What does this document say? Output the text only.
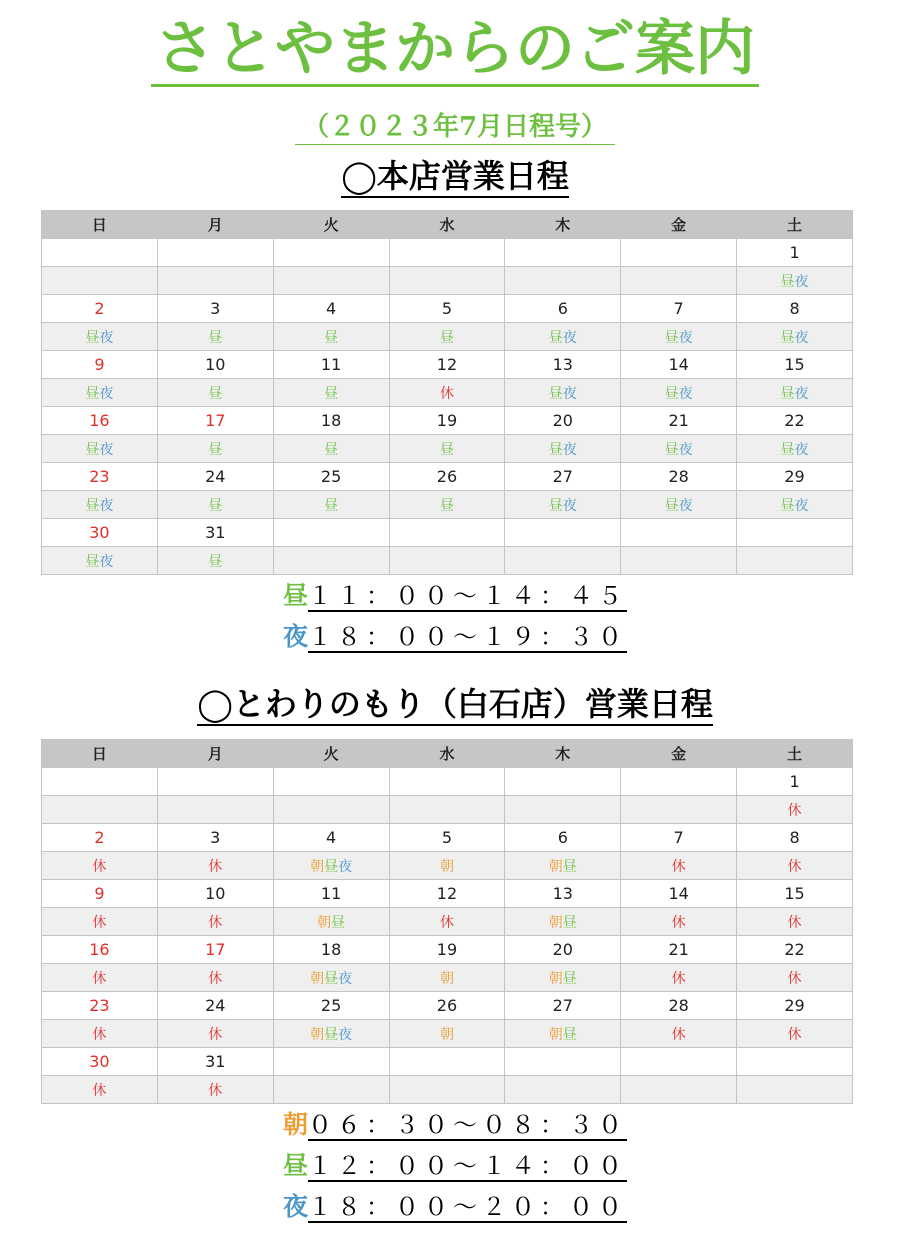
さとやまからのご案内
（２０２３年7月日程号）
◯本店営業日程
日	月	火	水	木	金	土
						1
						昼夜
2	3	4	5	6	7	8
昼夜	昼	昼	昼	昼夜	昼夜	昼夜
9	10	11	12	13	14	15
昼夜	昼	昼	休	昼夜	昼夜	昼夜
16	17	18	19	20	21	22
昼夜	昼	昼	昼	昼夜	昼夜	昼夜
23	24	25	26	27	28	29
昼夜	昼	昼	昼	昼夜	昼夜	昼夜
30	31					
昼夜	昼					
昼１１：００～１４：４５
夜１８：００～１９：３０
◯とわりのもり（白石店）営業日程
日	月	火	水	木	金	土
						1
						休
2	3	4	5	6	7	8
休	休	朝昼夜	朝	朝昼	休	休
9	10	11	12	13	14	15
休	休	朝昼	休	朝昼	休	休
16	17	18	19	20	21	22
休	休	朝昼夜	朝	朝昼	休	休
23	24	25	26	27	28	29
休	休	朝昼夜	朝	朝昼	休	休
30	31					
休	休					
朝０６：３０～０８：３０
昼１２：００～１４：００
夜１８：００～２０：００
